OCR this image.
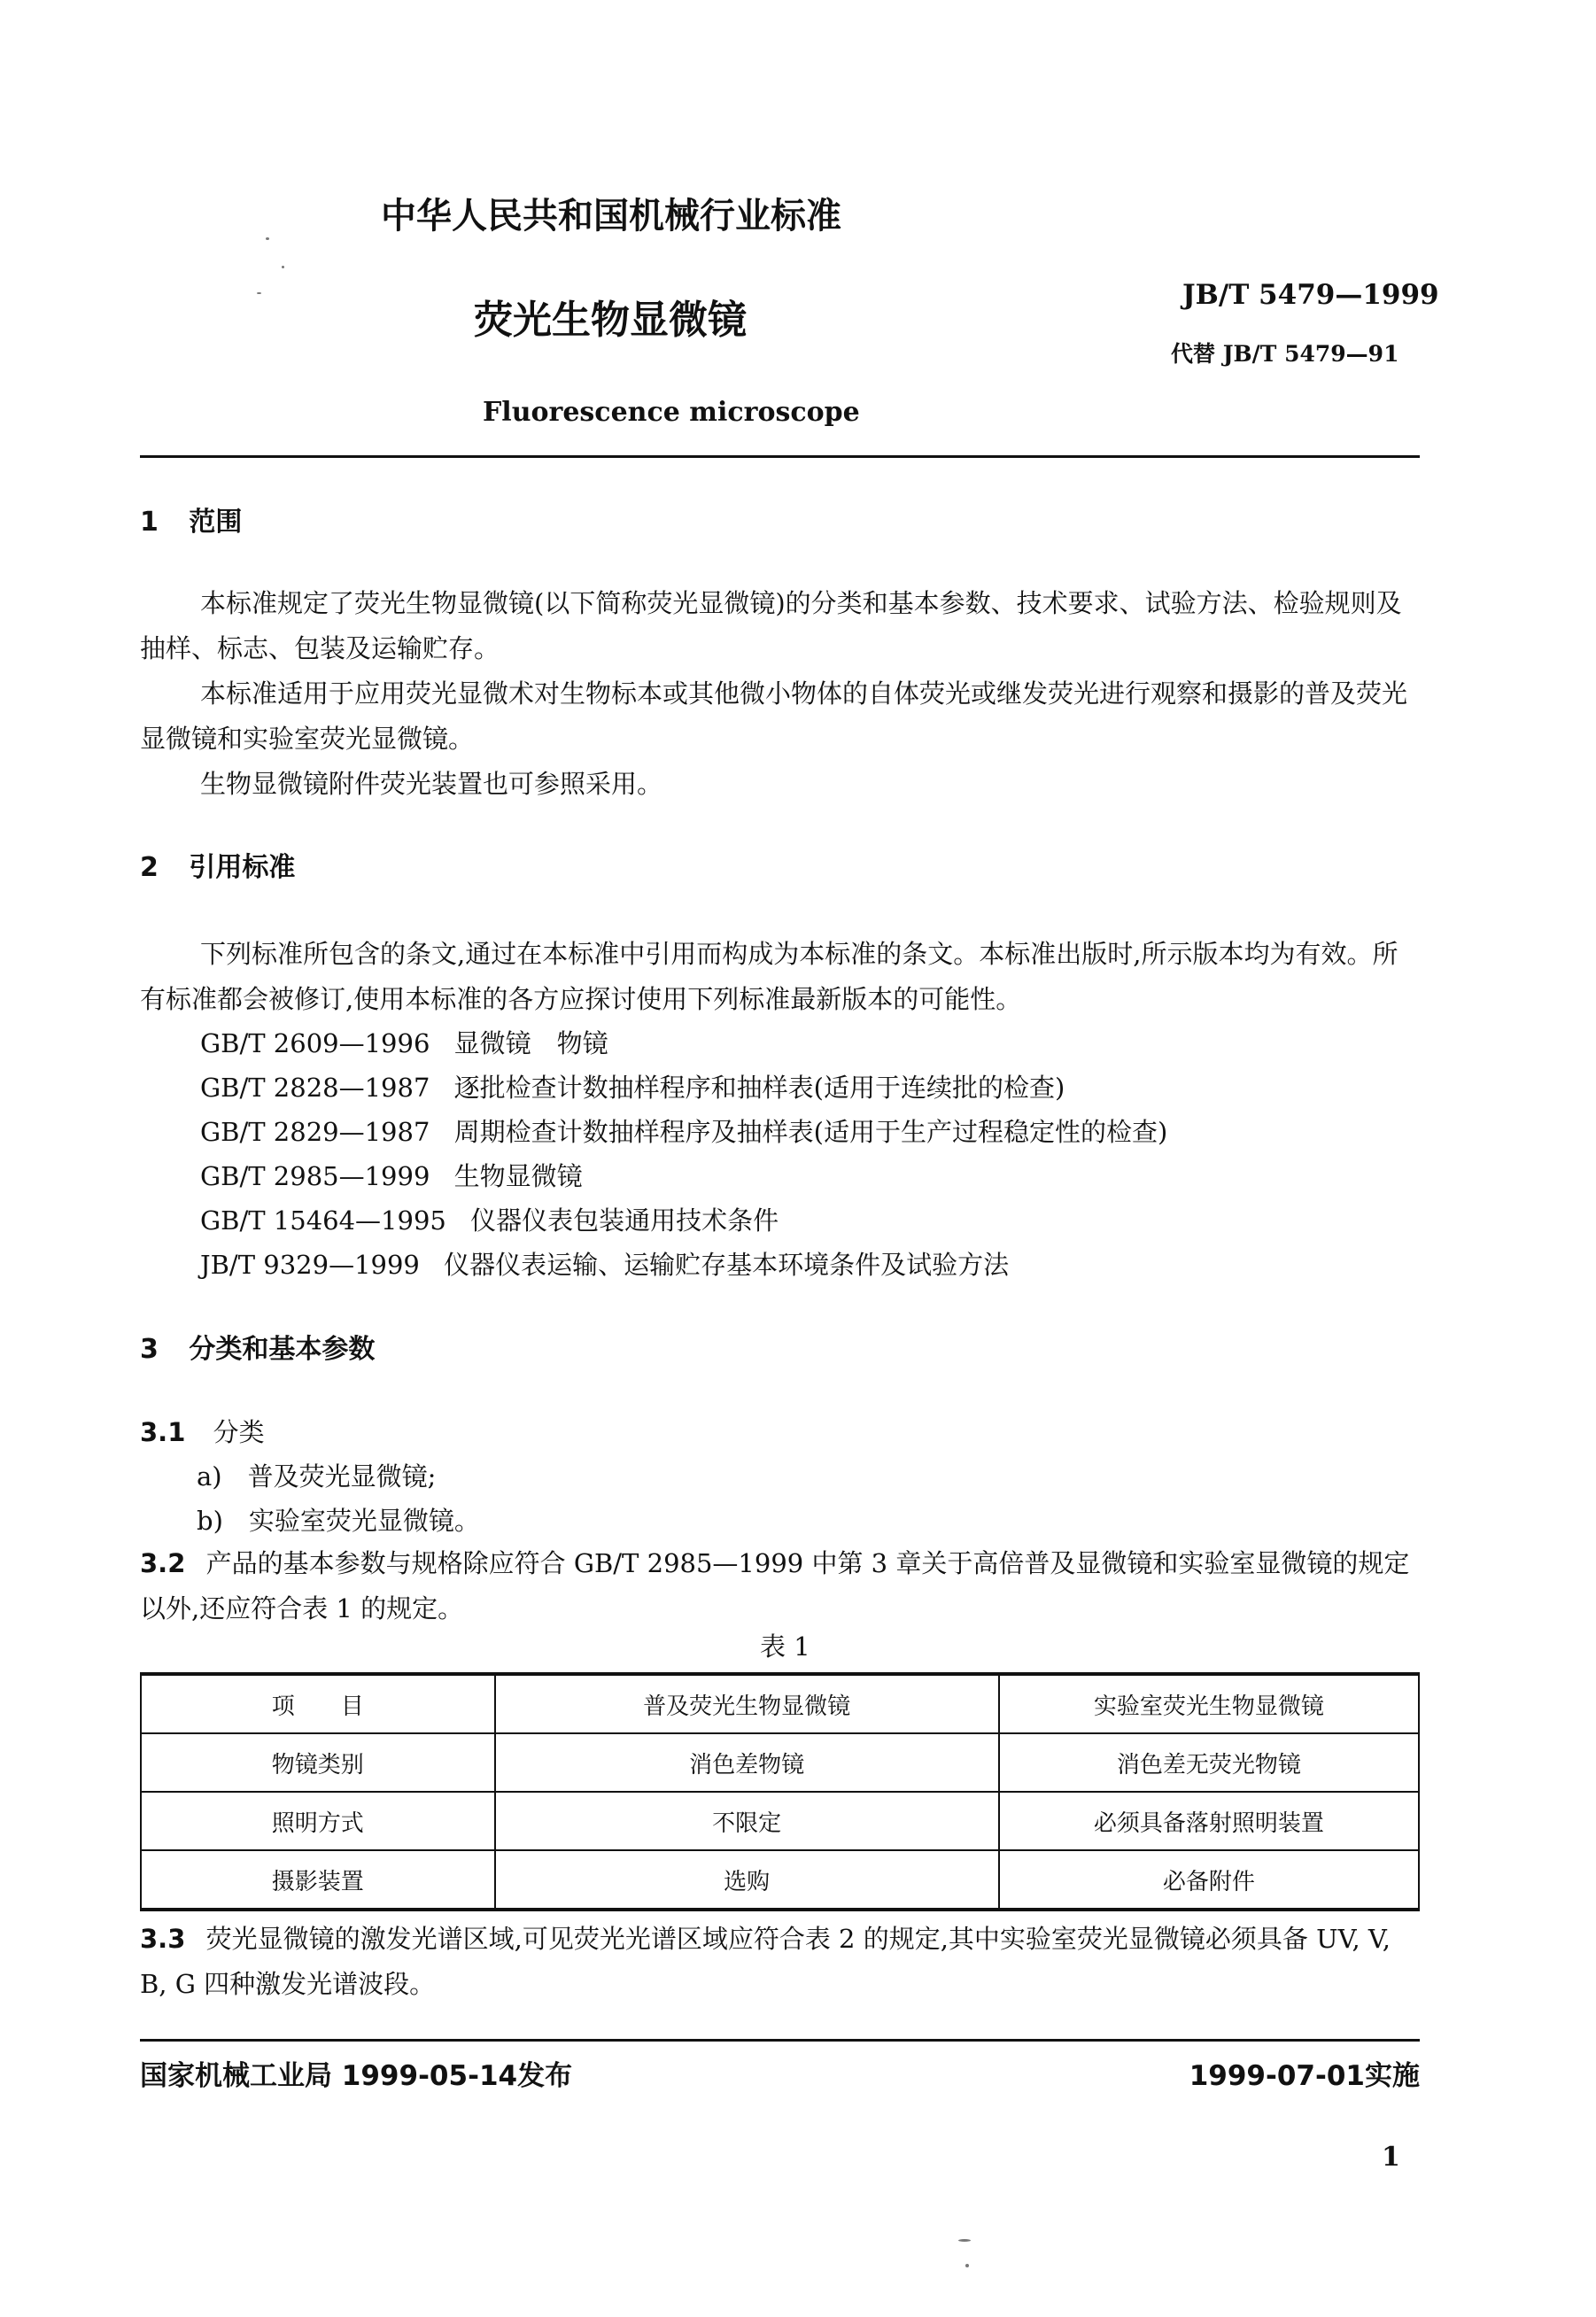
中华人民共和国机械行业标准
荧光生物显微镜
JB/T 5479—1999
代替 JB/T 5479—91
Fluorescence microscope
1 范围
本标准规定了荧光生物显微镜(以下简称荧光显微镜)的分类和基本参数、技术要求、试验方法、检验规则及抽样、标志、包装及运输贮存。
本标准适用于应用荧光显微术对生物标本或其他微小物体的自体荧光或继发荧光进行观察和摄影的普及荧光显微镜和实验室荧光显微镜。
生物显微镜附件荧光装置也可参照采用。
2 引用标准
下列标准所包含的条文,通过在本标准中引用而构成为本标准的条文。本标准出版时,所示版本均为有效。所有标准都会被修订,使用本标准的各方应探讨使用下列标准最新版本的可能性。
GB/T 2609—1996 显微镜　物镜
GB/T 2828—1987 逐批检查计数抽样程序和抽样表(适用于连续批的检查)
GB/T 2829—1987 周期检查计数抽样程序及抽样表(适用于生产过程稳定性的检查)
GB/T 2985—1999 生物显微镜
GB/T 15464—1995 仪器仪表包装通用技术条件
JB/T 9329—1999 仪器仪表运输、运输贮存基本环境条件及试验方法
3 分类和基本参数
3.1 分类
a)　普及荧光显微镜;
b)　实验室荧光显微镜。
3.2 产品的基本参数与规格除应符合 GB/T 2985—1999 中第 3 章关于高倍普及显微镜和实验室显微镜的规定以外,还应符合表 1 的规定。
表 1
项　　目	普及荧光生物显微镜	实验室荧光生物显微镜
物镜类别	消色差物镜	消色差无荧光物镜
照明方式	不限定	必须具备落射照明装置
摄影装置	选购	必备附件
3.3 荧光显微镜的激发光谱区域,可见荧光光谱区域应符合表 2 的规定,其中实验室荧光显微镜必须具备 UV, V, B, G 四种激发光谱波段。
国家机械工业局 1999-05-14发布	1999-07-01实施
1
